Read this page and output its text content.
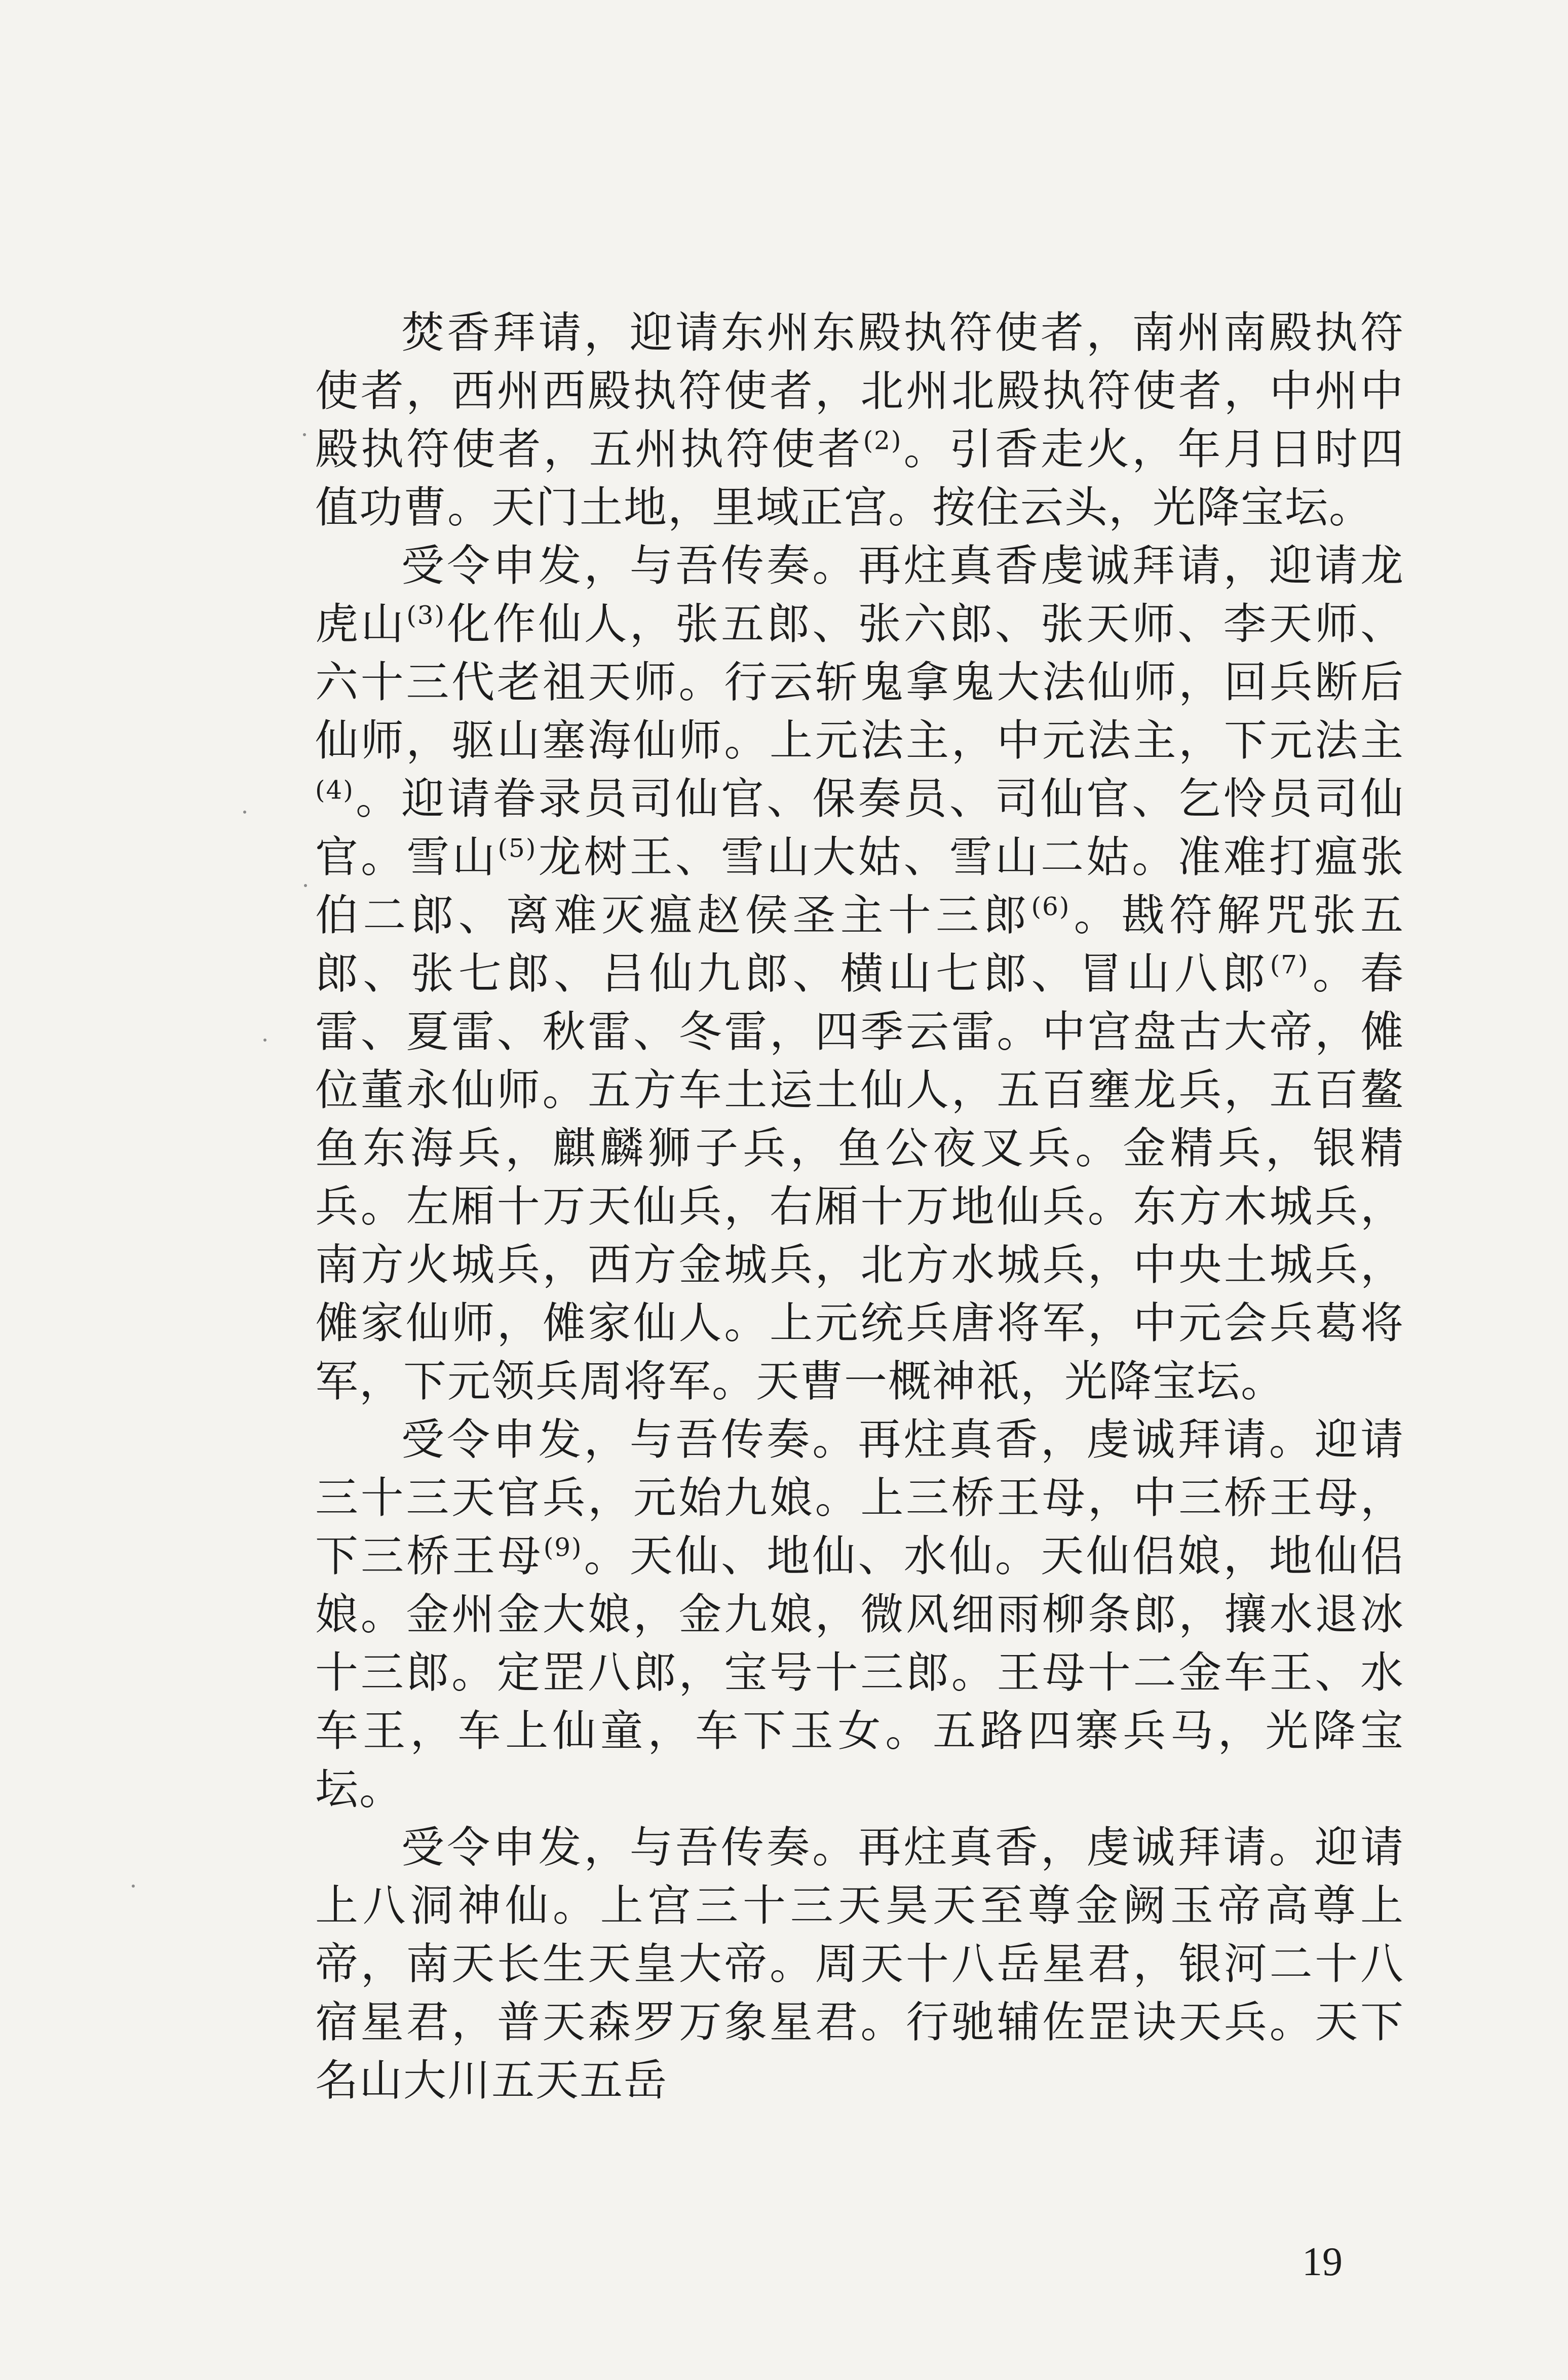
焚香拜请，迎请东州东殿执符使者，南州南殿执符使者，西州西殿执符使者，北州北殿执符使者，中州中殿执符使者，五州执符使者$^{(2)}$。引香走火，年月日时四值功曹。天门土地，里域正宫。按住云头，光降宝坛。

受令申发，与吾传奏。再炷真香虔诚拜请，迎请龙虎山$^{(3)}$化作仙人，张五郎、张六郎、张天师、李天师、六十三代老祖天师。行云斩鬼拿鬼大法仙师，回兵断后仙师，驱山塞海仙师。上元法主，中元法主，下元法主$^{(4)}$。迎请眷录员司仙官、保奏员、司仙官、乞怜员司仙官。雪山$^{(5)}$龙树王、雪山大姑、雪山二姑。准难打瘟张伯二郎、离难灭瘟赵侯圣主十三郎$^{(6)}$。戡符解咒张五郎、张七郎、吕仙九郎、横山七郎、冒山八郎$^{(7)}$。春雷、夏雷、秋雷、冬雷，四季云雷。中宫盘古大帝，傩位董永仙师。五方车土运土仙人，五百壅龙兵，五百鳌鱼东海兵，麒麟狮子兵，鱼公夜叉兵。金精兵，银精兵。左厢十万天仙兵，右厢十万地仙兵。东方木城兵，南方火城兵，西方金城兵，北方水城兵，中央土城兵，傩家仙师，傩家仙人。上元统兵唐将军，中元会兵葛将军，下元领兵周将军。天曹一概神祇，光降宝坛。

受令申发，与吾传奏。再炷真香，虔诚拜请。迎请三十三天官兵，元始九娘。上三桥王母，中三桥王母，下三桥王母$^{(9)}$。天仙、地仙、水仙。天仙侣娘，地仙侣娘。金州金大娘，金九娘，微风细雨柳条郎，攘水退冰十三郎。定罡八郎，宝号十三郎。王母十二金车王、水车王，车上仙童，车下玉女。五路四寨兵马，光降宝坛。

受令申发，与吾传奏。再炷真香，虔诚拜请。迎请上八洞神仙。上宫三十三天昊天至尊金阙玉帝高尊上帝，南天长生天皇大帝。周天十八岳星君，银河二十八宿星君，普天森罗万象星君。行驰辅佐罡诀天兵。天下名山大川五天五岳

19
